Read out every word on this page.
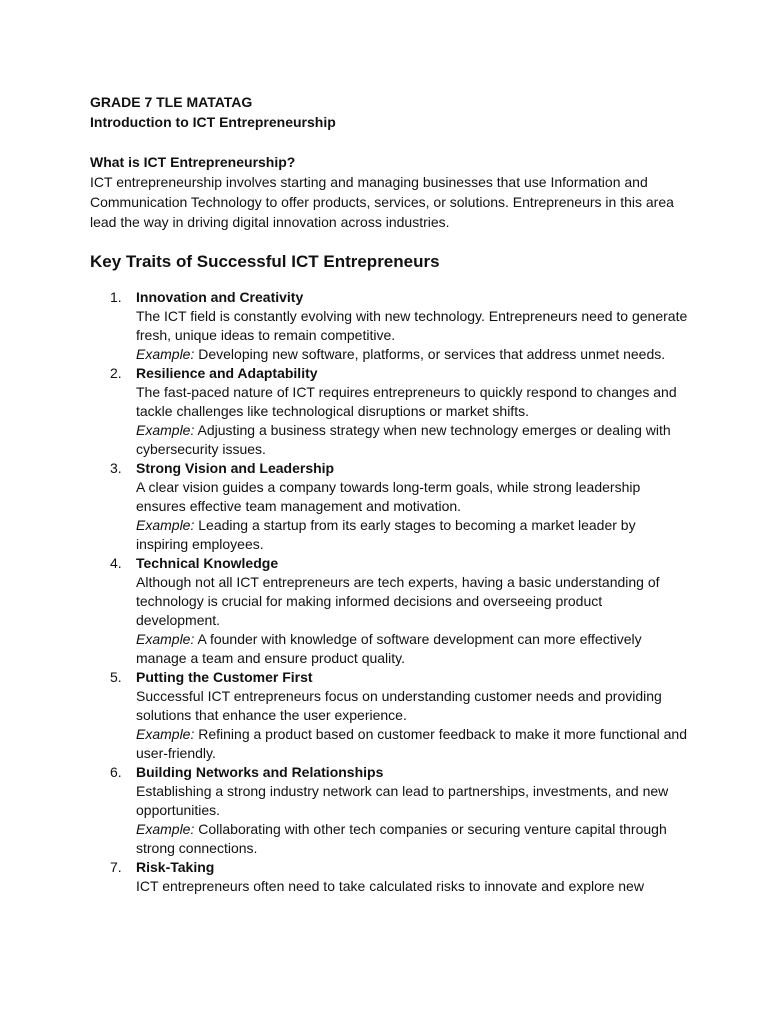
GRADE 7 TLE MATATAG

Introduction to ICT Entrepreneurship

What is ICT Entrepreneurship?

ICT entrepreneurship involves starting and managing businesses that use Information and Communication Technology to offer products, services, or solutions. Entrepreneurs in this area lead the way in driving digital innovation across industries.

Key Traits of Successful ICT Entrepreneurs
1.	Innovation and Creativity
The ICT field is constantly evolving with new technology. Entrepreneurs need to generate fresh, unique ideas to remain competitive.
Example: Developing new software, platforms, or services that address unmet needs.
2.	Resilience and Adaptability
The fast-paced nature of ICT requires entrepreneurs to quickly respond to changes and tackle challenges like technological disruptions or market shifts.
Example: Adjusting a business strategy when new technology emerges or dealing with cybersecurity issues.
3.	Strong Vision and Leadership
A clear vision guides a company towards long-term goals, while strong leadership ensures effective team management and motivation.
Example: Leading a startup from its early stages to becoming a market leader by inspiring employees.
4.	Technical Knowledge
Although not all ICT entrepreneurs are tech experts, having a basic understanding of technology is crucial for making informed decisions and overseeing product development.
Example: A founder with knowledge of software development can more effectively manage a team and ensure product quality.
5.	Putting the Customer First
Successful ICT entrepreneurs focus on understanding customer needs and providing solutions that enhance the user experience.
Example: Refining a product based on customer feedback to make it more functional and user-friendly.
6.	Building Networks and Relationships
Establishing a strong industry network can lead to partnerships, investments, and new opportunities.
Example: Collaborating with other tech companies or securing venture capital through strong connections.
7.	Risk-Taking
ICT entrepreneurs often need to take calculated risks to innovate and explore new
